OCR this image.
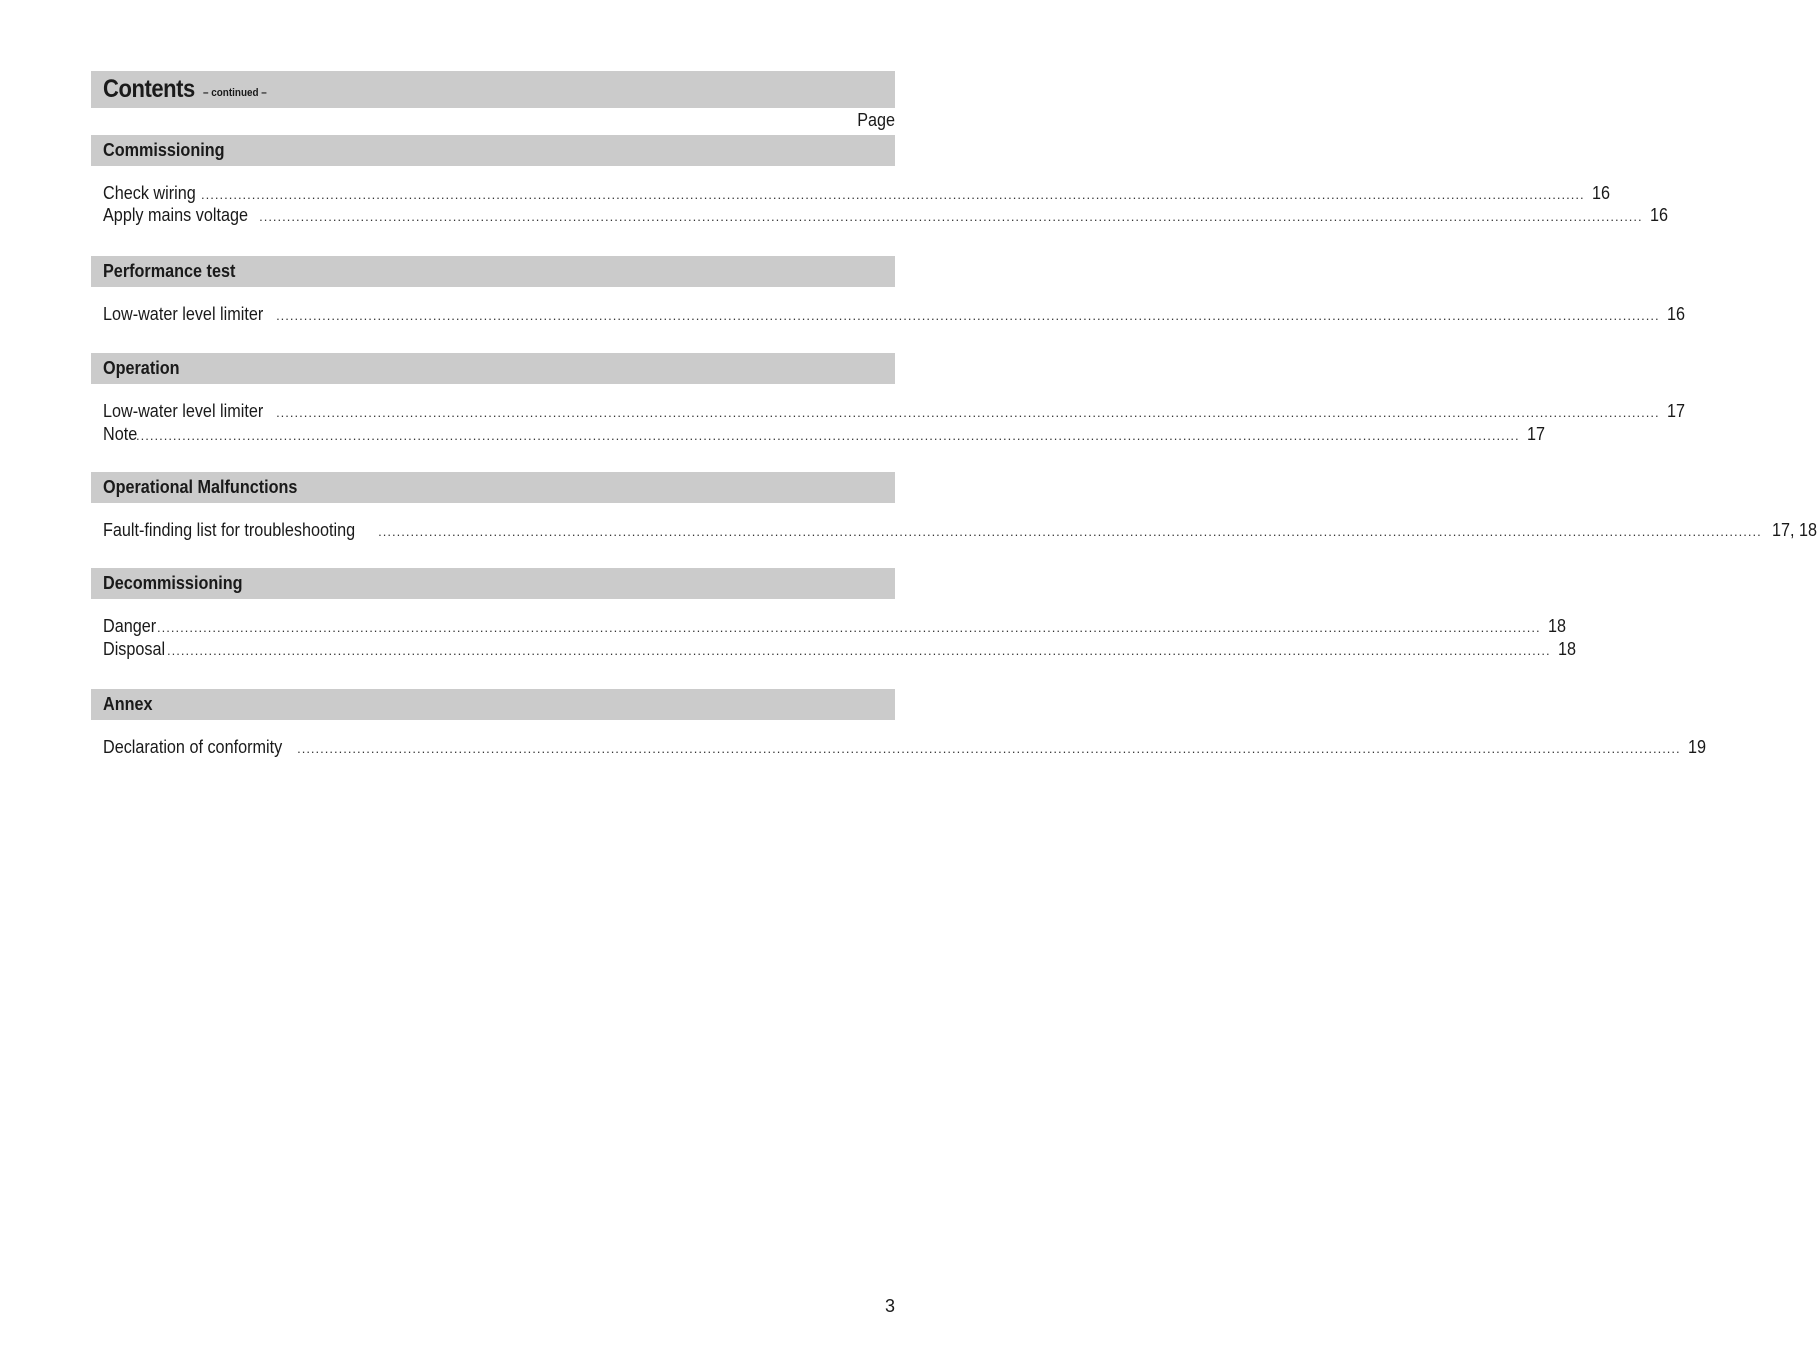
Contents – continued –
Page
Commissioning
Check wiring ............................................................................................................................................................................................................................................................................................................ 16
Apply mains voltage ............................................................................................................................................................................................................................................................................................................ 16
Performance test
Low-water level limiter ............................................................................................................................................................................................................................................................................................................ 16
Operation
Low-water level limiter ............................................................................................................................................................................................................................................................................................................ 17
Note
............................................................................................................................................................................................................................................................................................................ 17
Operational Malfunctions
Fault-finding list for troubleshooting ............................................................................................................................................................................................................................................................................................................ 17, 18
Decommissioning
Danger ............................................................................................................................................................................................................................................................................................................ 18
Disposal ............................................................................................................................................................................................................................................................................................................ 18
Annex
Declaration of conformity ............................................................................................................................................................................................................................................................................................................ 19
3
